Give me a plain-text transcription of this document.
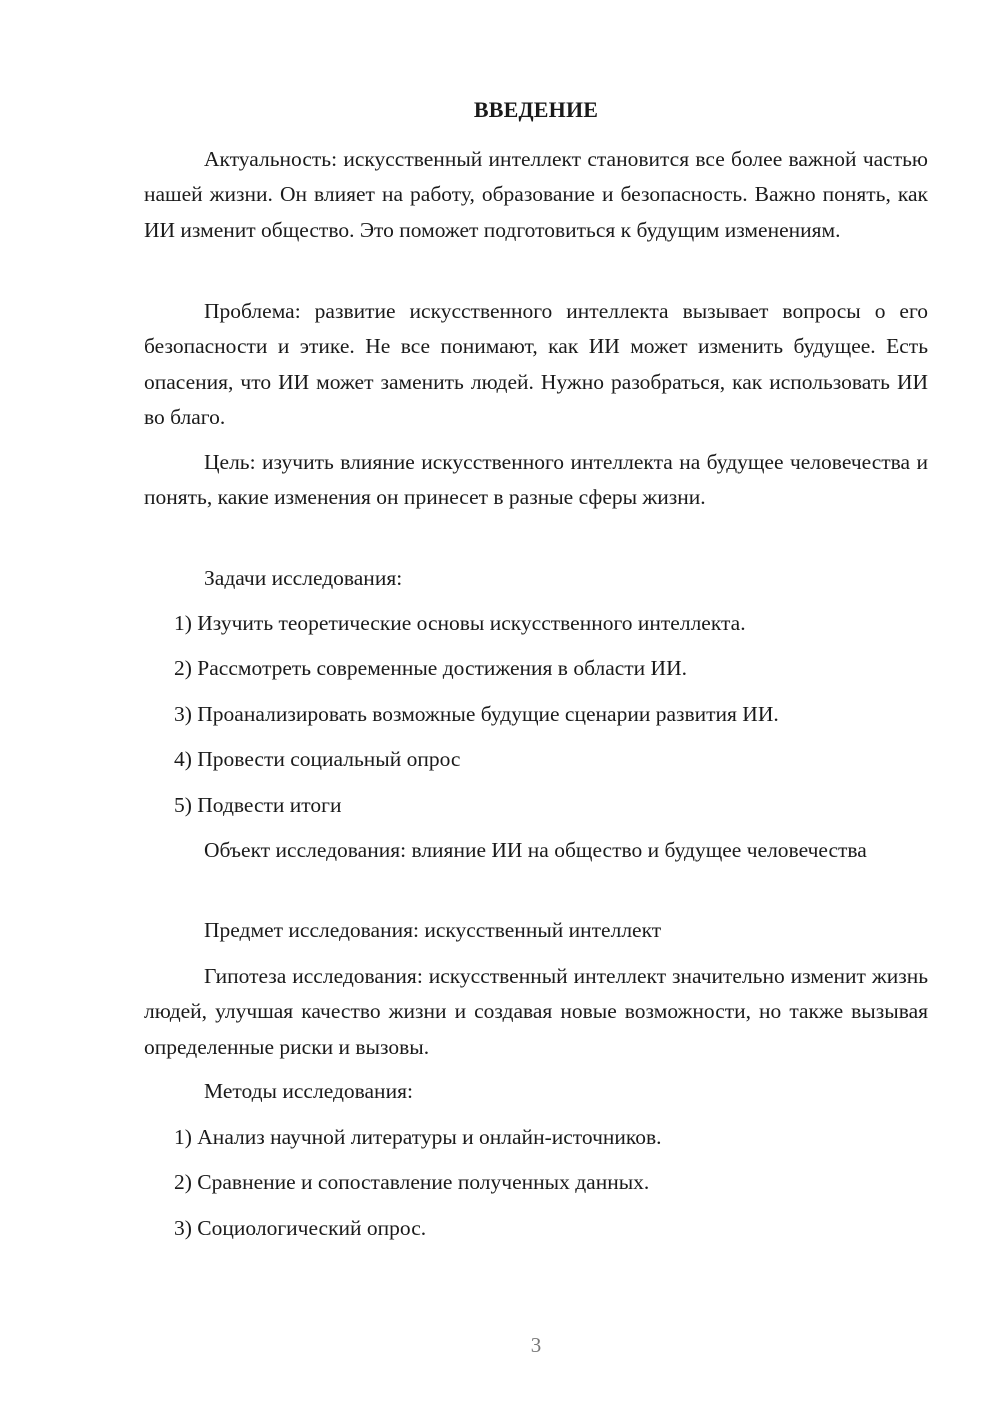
ВВЕДЕНИЕ

Актуальность: искусственный интеллект становится все более важной частью нашей жизни. Он влияет на работу, образование и безопасность. Важно понять, как ИИ изменит общество. Это поможет подготовиться к будущим изменениям.

Проблема: развитие искусственного интеллекта вызывает вопросы о его безопасности и этике. Не все понимают, как ИИ может изменить будущее. Есть опасения, что ИИ может заменить людей. Нужно разобраться, как использовать ИИ во благо.

Цель: изучить влияние искусственного интеллекта на будущее человечества и понять, какие изменения он принесет в разные сферы жизни.

Задачи исследования:

1) Изучить теоретические основы искусственного интеллекта.

2) Рассмотреть современные достижения в области ИИ.

3) Проанализировать возможные будущие сценарии развития ИИ.

4) Провести социальный опрос

5) Подвести итоги

Объект исследования: влияние ИИ на общество и будущее человечества

Предмет исследования: искусственный интеллект

Гипотеза исследования: искусственный интеллект значительно изменит жизнь людей, улучшая качество жизни и создавая новые возможности, но также вызывая определенные риски и вызовы.

Методы исследования:

1) Анализ научной литературы и онлайн-источников.

2) Сравнение и сопоставление полученных данных.

3) Социологический опрос.

3
